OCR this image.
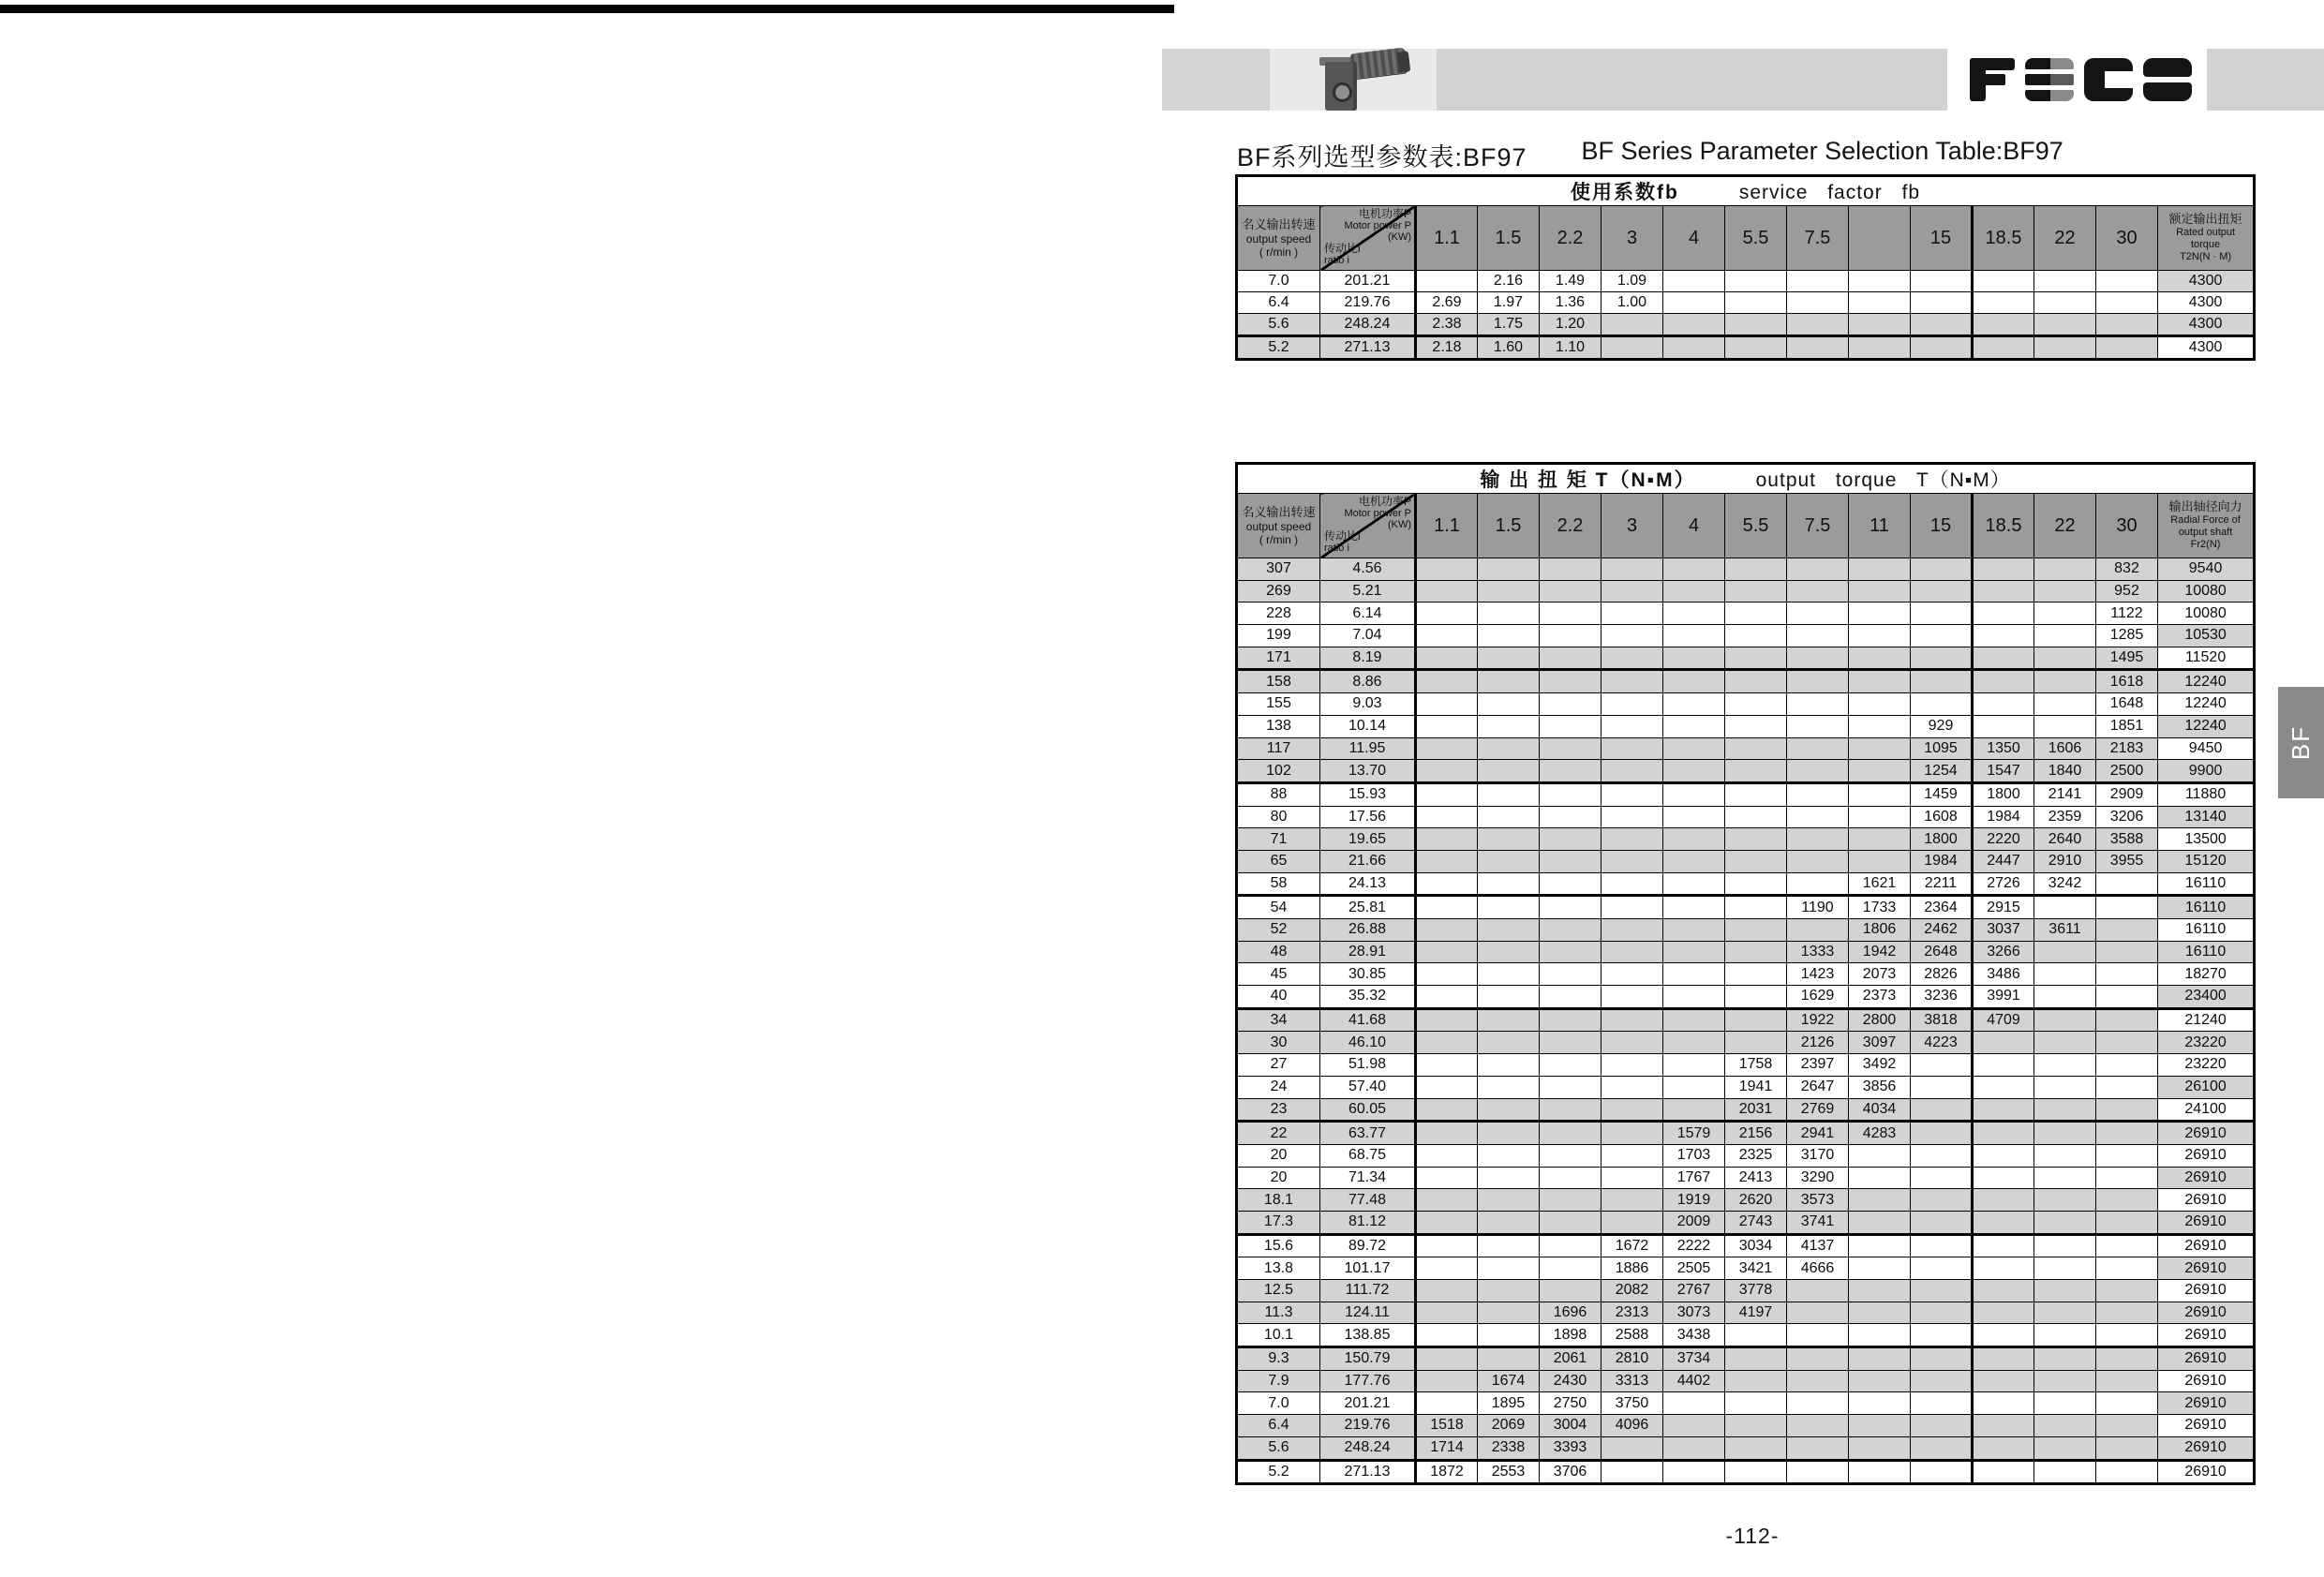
BF系列选型参数表:BF97 BF Series Parameter Selection Table:BF97
使用系数fb service factor fb														

名义输出转速
output speed
( r/min )

电机功率P
Motor power P
(KW)
传动比i
ratio i
	1.1	1.5	2.2	3	4	5.5	7.5		15	18.5	22	30	
额定输出扭矩
Rated output
torque
T2N(N · M)

7.0	201.21		2.16	1.49	1.09									4300
6.4	219.76	2.69	1.97	1.36	1.00									4300
5.6	248.24	2.38	1.75	1.20										4300
5.2	271.13	2.18	1.60	1.10										4300
输 出 扭 矩 T（N▪M） output torque T（N▪M）														

名义输出转速
output speed
( r/min )

电机功率P
Motor power P
(KW)
传动比i
ratio i
	1.1	1.5	2.2	3	4	5.5	7.5	11	15	18.5	22	30	
输出轴径向力
Radial Force of
output shaft
Fr2(N)

307	4.56												832	9540
269	5.21												952	10080
228	6.14												1122	10080
199	7.04												1285	10530
171	8.19												1495	11520
158	8.86												1618	12240
155	9.03												1648	12240
138	10.14									929			1851	12240
117	11.95									1095	1350	1606	2183	9450
102	13.70									1254	1547	1840	2500	9900
88	15.93									1459	1800	2141	2909	11880
80	17.56									1608	1984	2359	3206	13140
71	19.65									1800	2220	2640	3588	13500
65	21.66									1984	2447	2910	3955	15120
58	24.13								1621	2211	2726	3242		16110
54	25.81							1190	1733	2364	2915			16110
52	26.88								1806	2462	3037	3611		16110
48	28.91							1333	1942	2648	3266			16110
45	30.85							1423	2073	2826	3486			18270
40	35.32							1629	2373	3236	3991			23400
34	41.68							1922	2800	3818	4709			21240
30	46.10							2126	3097	4223				23220
27	51.98						1758	2397	3492					23220
24	57.40						1941	2647	3856					26100
23	60.05						2031	2769	4034					24100
22	63.77					1579	2156	2941	4283					26910
20	68.75					1703	2325	3170						26910
20	71.34					1767	2413	3290						26910
18.1	77.48					1919	2620	3573						26910
17.3	81.12					2009	2743	3741						26910
15.6	89.72				1672	2222	3034	4137						26910
13.8	101.17				1886	2505	3421	4666						26910
12.5	111.72				2082	2767	3778							26910
11.3	124.11			1696	2313	3073	4197							26910
10.1	138.85			1898	2588	3438								26910
9.3	150.79			2061	2810	3734								26910
7.9	177.76		1674	2430	3313	4402								26910
7.0	201.21		1895	2750	3750									26910
6.4	219.76	1518	2069	3004	4096									26910
5.6	248.24	1714	2338	3393										26910
5.2	271.13	1872	2553	3706										26910
BF
-112-
